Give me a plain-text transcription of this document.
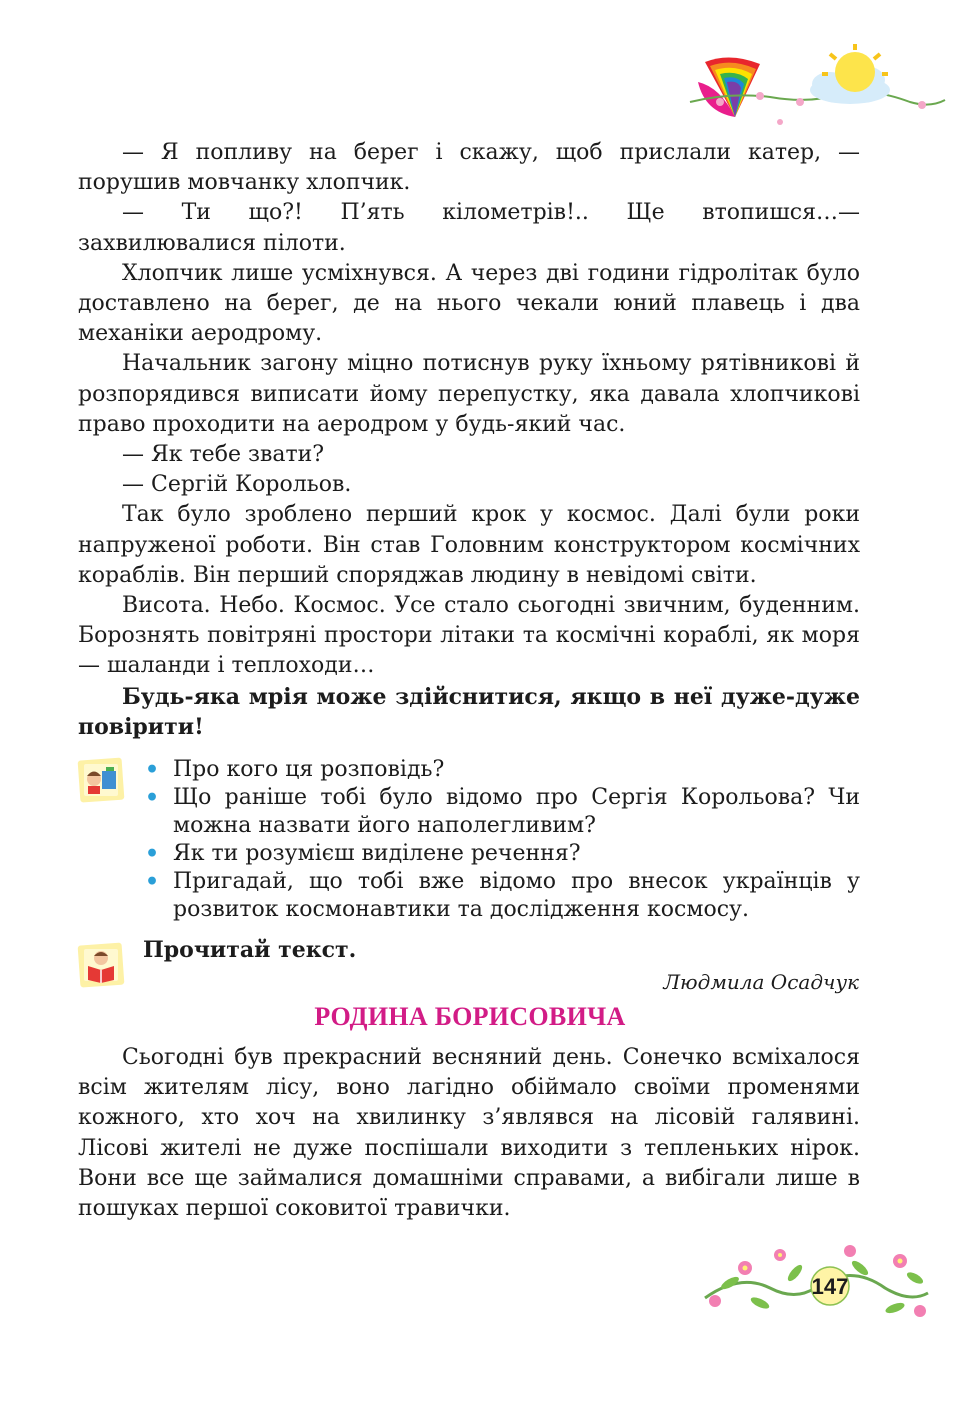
— Я попливу на берег і скажу, щоб прислали катер, — порушив мовчанку хлопчик.

— Ти що?! П’ять кілометрів!.. Ще втопишся…— захвилювалися пілоти.

Хлопчик лише усміхнувся. А через дві години гідролітак було доставлено на берег, де на нього чекали юний плавець і два механіки аеродрому.

Начальник загону міцно потиснув руку їхньому рятівникові й розпорядився виписати йому перепустку, яка давала хлопчикові право проходити на аеродром у будь-який час.

— Як тебе звати?

— Сергій Корольов.

Так було зроблено перший крок у космос. Далі були роки напруженої роботи. Він став Головним конструктором космічних кораблів. Він перший споряджав людину в невідомі світи.

Висота. Небо. Космос. Усе стало сьогодні звичним, буденним. Борознять повітряні простори літаки та космічні кораблі, як моря — шаланди і теплоходи…

Будь-яка мрія може здійснитися, якщо в неї дуже-дуже повірити!

• Про кого ця розповідь?
• Що раніше тобі було відомо про Сергія Корольова? Чи можна назвати його наполегливим?
• Як ти розумієш виділене речення?
• Пригадай, що тобі вже відомо про внесок українців у розвиток космонавтики та дослідження космосу.
Прочитай текст.
Людмила Осадчук
РОДИНА БОРИСОВИЧА

Сьогодні був прекрасний весняний день. Сонечко всміхалося всім жителям лісу, воно лагідно обіймало своїми променями кожного, хто хоч на хвилинку з’являвся на лісовій галявині. Лісові жителі не дуже поспішали виходити з тепленьких нірок. Вони все ще займалися домашніми справами, а вибігали лише в пошуках першої соковитої травички.

147
